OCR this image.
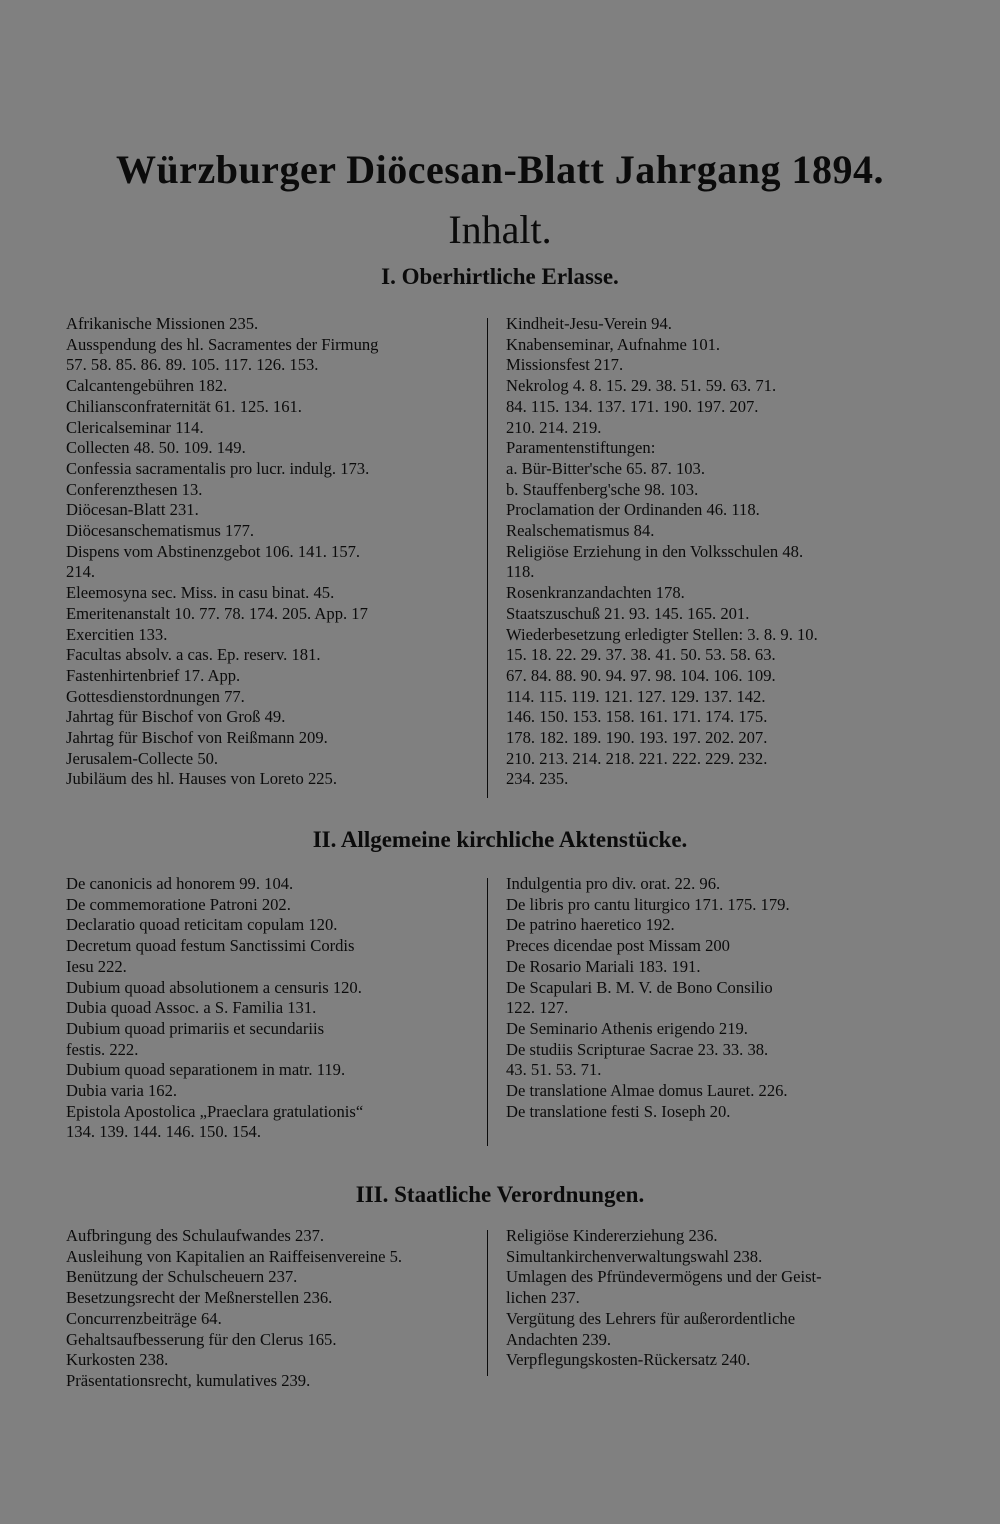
Würzburger Diöcesan-Blatt Jahrgang 1894.
Inhalt.
I. Oberhirtliche Erlasse.
Afrikanische Missionen 235.
Ausspendung des hl. Sacramentes der Firmung
57. 58. 85. 86. 89. 105. 117. 126. 153.
Calcantengebühren 182.
Chiliansconfraternität 61. 125. 161.
Clericalseminar 114.
Collecten 48. 50. 109. 149.
Confessia sacramentalis pro lucr. indulg. 173.
Conferenzthesen 13.
Diöcesan-Blatt 231.
Diöcesanschematismus 177.
Dispens vom Abstinenzgebot 106. 141. 157.
214.
Eleemosyna sec. Miss. in casu binat. 45.
Emeritenanstalt 10. 77. 78. 174. 205. App. 17
Exercitien 133.
Facultas absolv. a cas. Ep. reserv. 181.
Fastenhirtenbrief 17. App.
Gottesdienstordnungen 77.
Jahrtag für Bischof von Groß 49.
Jahrtag für Bischof von Reißmann 209.
Jerusalem-Collecte 50.
Jubiläum des hl. Hauses von Loreto 225.
Kindheit-Jesu-Verein 94.
Knabenseminar, Aufnahme 101.
Missionsfest 217.
Nekrolog 4. 8. 15. 29. 38. 51. 59. 63. 71.
84. 115. 134. 137. 171. 190. 197. 207.
210. 214. 219.
Paramentenstiftungen:
a. Bür-Bitter'sche 65. 87. 103.
b. Stauffenberg'sche 98. 103.
Proclamation der Ordinanden 46. 118.
Realschematismus 84.
Religiöse Erziehung in den Volksschulen 48.
118.
Rosenkranzandachten 178.
Staatszuschuß 21. 93. 145. 165. 201.
Wiederbesetzung erledigter Stellen: 3. 8. 9. 10.
15. 18. 22. 29. 37. 38. 41. 50. 53. 58. 63.
67. 84. 88. 90. 94. 97. 98. 104. 106. 109.
114. 115. 119. 121. 127. 129. 137. 142.
146. 150. 153. 158. 161. 171. 174. 175.
178. 182. 189. 190. 193. 197. 202. 207.
210. 213. 214. 218. 221. 222. 229. 232.
234. 235.
II. Allgemeine kirchliche Aktenstücke.
De canonicis ad honorem 99. 104.
De commemoratione Patroni 202.
Declaratio quoad reticitam copulam 120.
Decretum quoad festum Sanctissimi Cordis
Iesu 222.
Dubium quoad absolutionem a censuris 120.
Dubia quoad Assoc. a S. Familia 131.
Dubium quoad primariis et secundariis
festis. 222.
Dubium quoad separationem in matr. 119.
Dubia varia 162.
Epistola Apostolica „Praeclara gratulationis“
134. 139. 144. 146. 150. 154.
Indulgentia pro div. orat. 22. 96.
De libris pro cantu liturgico 171. 175. 179.
De patrino haeretico 192.
Preces dicendae post Missam 200
De Rosario Mariali 183. 191.
De Scapulari B. M. V. de Bono Consilio
122. 127.
De Seminario Athenis erigendo 219.
De studiis Scripturae Sacrae 23. 33. 38.
43. 51. 53. 71.
De translatione Almae domus Lauret. 226.
De translatione festi S. Ioseph 20.
III. Staatliche Verordnungen.
Aufbringung des Schulaufwandes 237.
Ausleihung von Kapitalien an Raiffeisenvereine 5.
Benützung der Schulscheuern 237.
Besetzungsrecht der Meßnerstellen 236.
Concurrenzbeiträge 64.
Gehaltsaufbesserung für den Clerus 165.
Kurkosten 238.
Präsentationsrecht, kumulatives 239.
Religiöse Kindererziehung 236.
Simultankirchenverwaltungswahl 238.
Umlagen des Pfründevermögens und der Geist-
lichen 237.
Vergütung des Lehrers für außerordentliche
Andachten 239.
Verpflegungskosten-Rückersatz 240.
